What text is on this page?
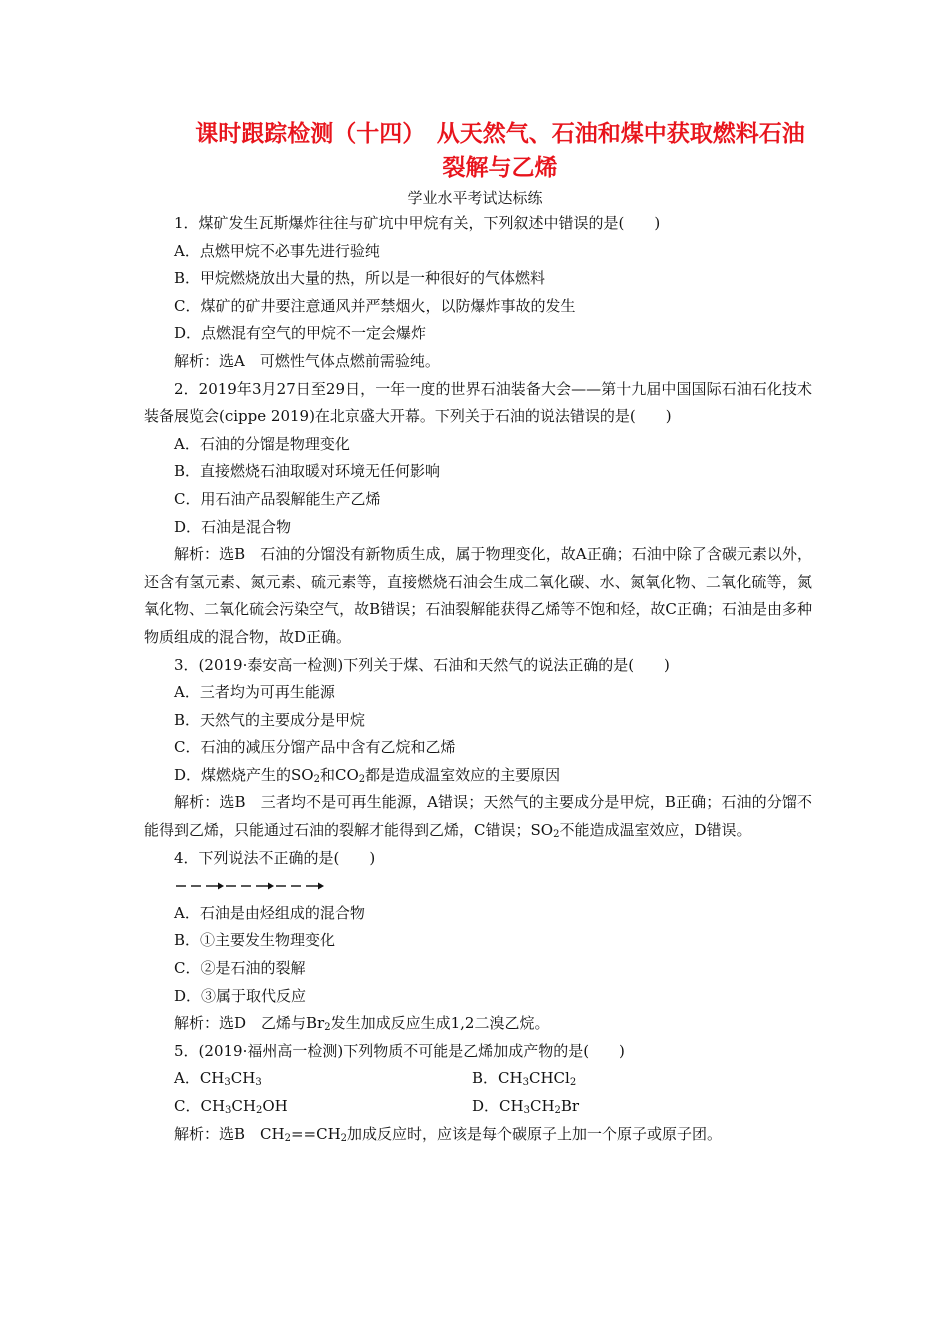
课时跟踪检测（十四）　从天然气、石油和煤中获取燃料石油
裂解与乙烯
学业水平考试达标练
1．煤矿发生瓦斯爆炸往往与矿坑中甲烷有关，下列叙述中错误的是(　　)
A．点燃甲烷不必事先进行验纯
B．甲烷燃烧放出大量的热，所以是一种很好的气体燃料
C．煤矿的矿井要注意通风并严禁烟火，以防爆炸事故的发生
D．点燃混有空气的甲烷不一定会爆炸
解析：选A　可燃性气体点燃前需验纯。
2．2019年3月27日至29日，一年一度的世界石油装备大会——第十九届中国国际石油石化技术装备展览会(cippe 2019)在北京盛大开幕。下列关于石油的说法错误的是(　　)
A．石油的分馏是物理变化
B．直接燃烧石油取暖对环境无任何影响
C．用石油产品裂解能生产乙烯
D．石油是混合物
解析：选B　石油的分馏没有新物质生成，属于物理变化，故A正确；石油中除了含碳元素以外，还含有氢元素、氮元素、硫元素等，直接燃烧石油会生成二氧化碳、水、氮氧化物、二氧化硫等，氮氧化物、二氧化硫会污染空气，故B错误；石油裂解能获得乙烯等不饱和烃，故C正确；石油是由多种物质组成的混合物，故D正确。
3．(2019·泰安高一检测)下列关于煤、石油和天然气的说法正确的是(　　)
A．三者均为可再生能源
B．天然气的主要成分是甲烷
C．石油的减压分馏产品中含有乙烷和乙烯
D．煤燃烧产生的$SO_2$和$CO_2$都是造成温室效应的主要原因
解析：选B　三者均不是可再生能源，A错误；天然气的主要成分是甲烷，B正确；石油的分馏不能得到乙烯，只能通过石油的裂解才能得到乙烯，C错误；$SO_2$不能造成温室效应，D错误。
4．下列说法不正确的是(　　)
A．石油是由烃组成的混合物
B．①主要发生物理变化
C．②是石油的裂解
D．③属于取代反应
解析：选D　乙烯与$Br_2$发生加成反应生成1,2二溴乙烷。
5．(2019·福州高一检测)下列物质不可能是乙烯加成产物的是(　　)
A．$CH_3CH_3$	B．$CH_3CHCl_2$
C．$CH_3CH_2OH$	D．$CH_3CH_2Br$
解析：选B　$CH_2==CH_2$加成反应时，应该是每个碳原子上加一个原子或原子团。
